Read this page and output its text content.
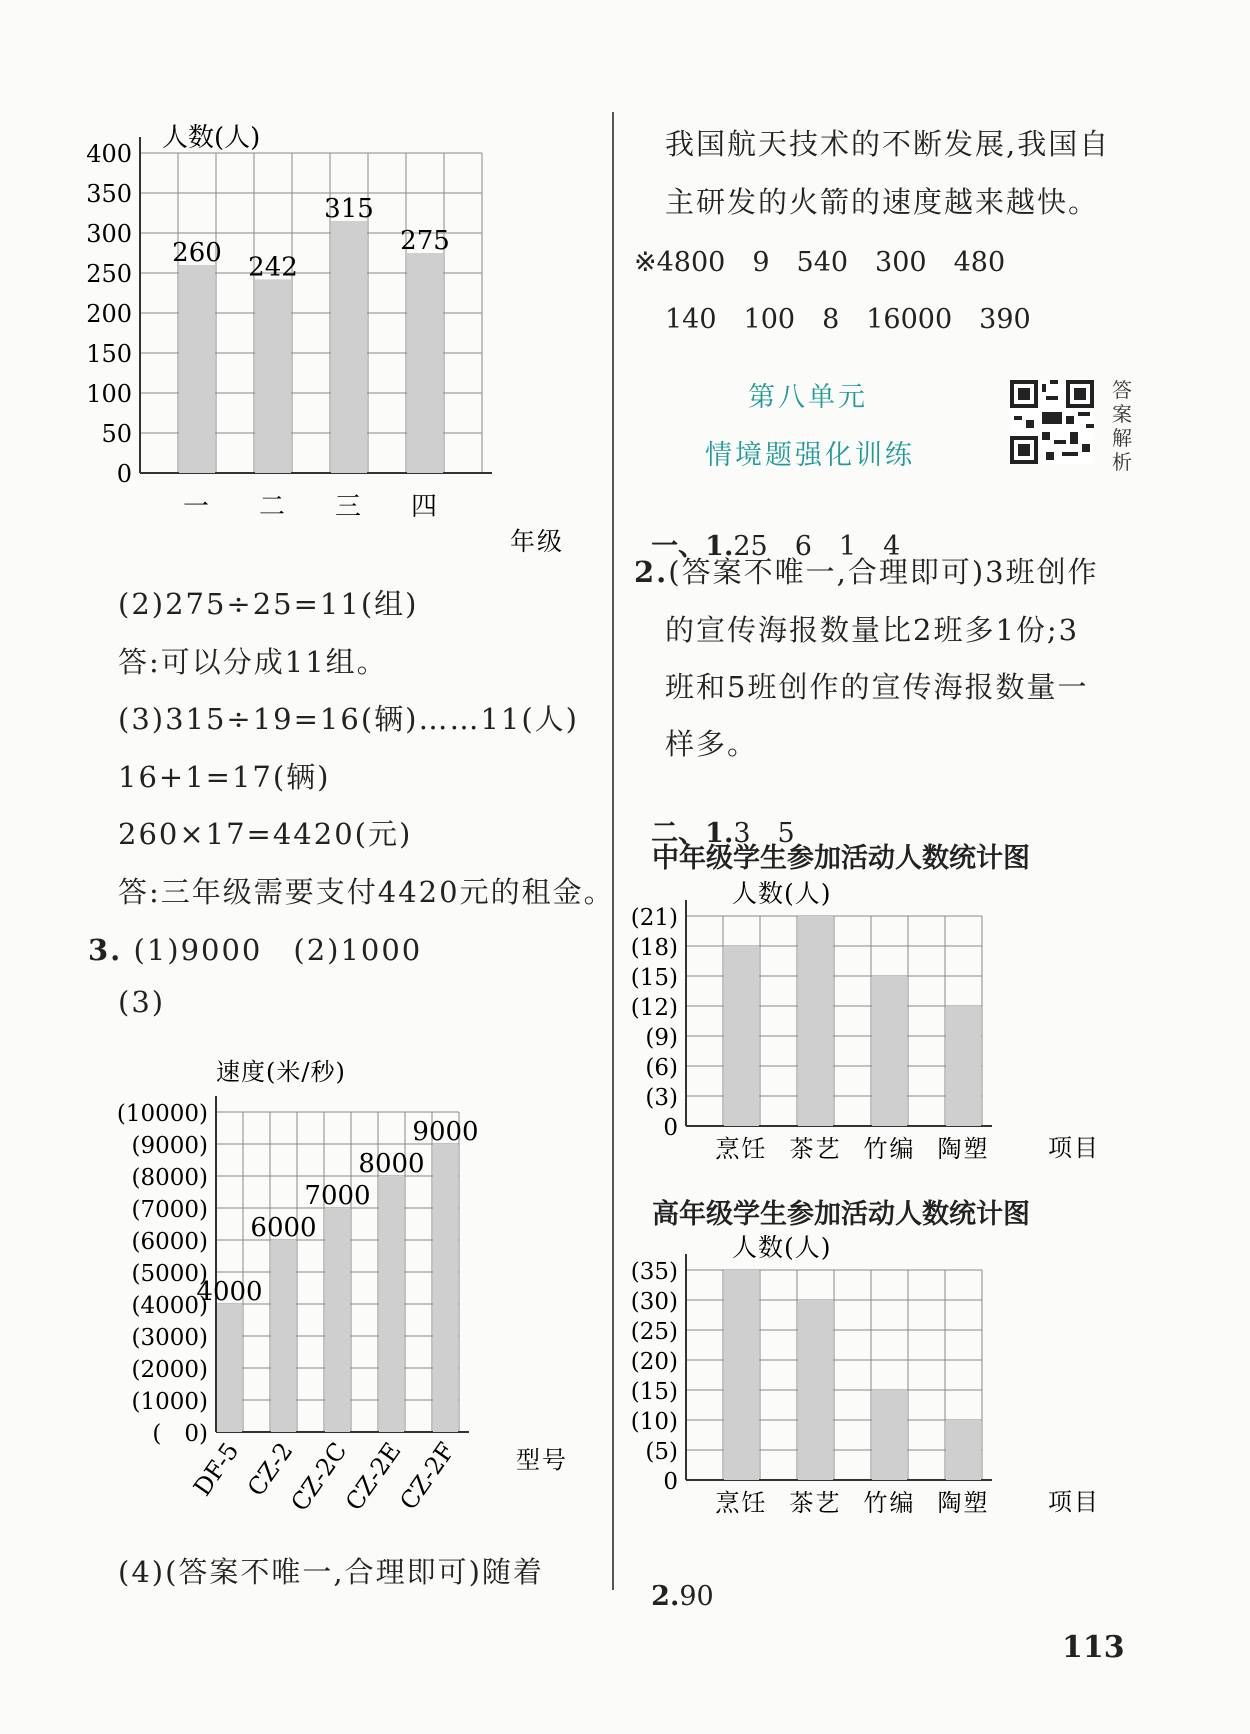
人数(人)
400
350
300
250
200
150
100
50
0
260 242
315
275
一 二 三 四
年级
(2)275÷25=11(组)
答:可以分成11组。
(3)315÷19=16(辆)……11(人)
16+1=17(辆)
260×17=4420(元)
答:三年级需要支付4420元的租金。
3. (1)9000　(2)1000
(3)
速度(米/秒)
(10000)
(9000)
(8000)
(7000)
(6000)
(5000)
(4000)
(3000)
(2000)
(1000)
(　0)
4000
6000
7000
8000
9000
DF-5
CZ-2
CZ-2C
CZ-2E
CZ-2F 型号
(4)(答案不唯一,合理即可)随着
我国航天技术的不断发展,我国自
主研发的火箭的速度越来越快。
※4800　9　540　300　480
140　100　8　16000　390
第八单元
情境题强化训练
答
案
解
析

一、1.25　6　1　4

2.(答案不唯一,合理即可)3班创作
的宣传海报数量比2班多1份;3
班和5班创作的宣传海报数量一
样多。

二、1.3　5

中年级学生参加活动人数统计图
人数(人)
(21)
(18)
(15)
(12)
(9)
(6)
(3)
0
烹饪 茶艺 竹编 陶塑 项目
高年级学生参加活动人数统计图
人数(人)
(35)
(30)
(25)
(20)
(15)
(10)
(5)
0
烹饪 茶艺 竹编 陶塑 项目

2.90

113
